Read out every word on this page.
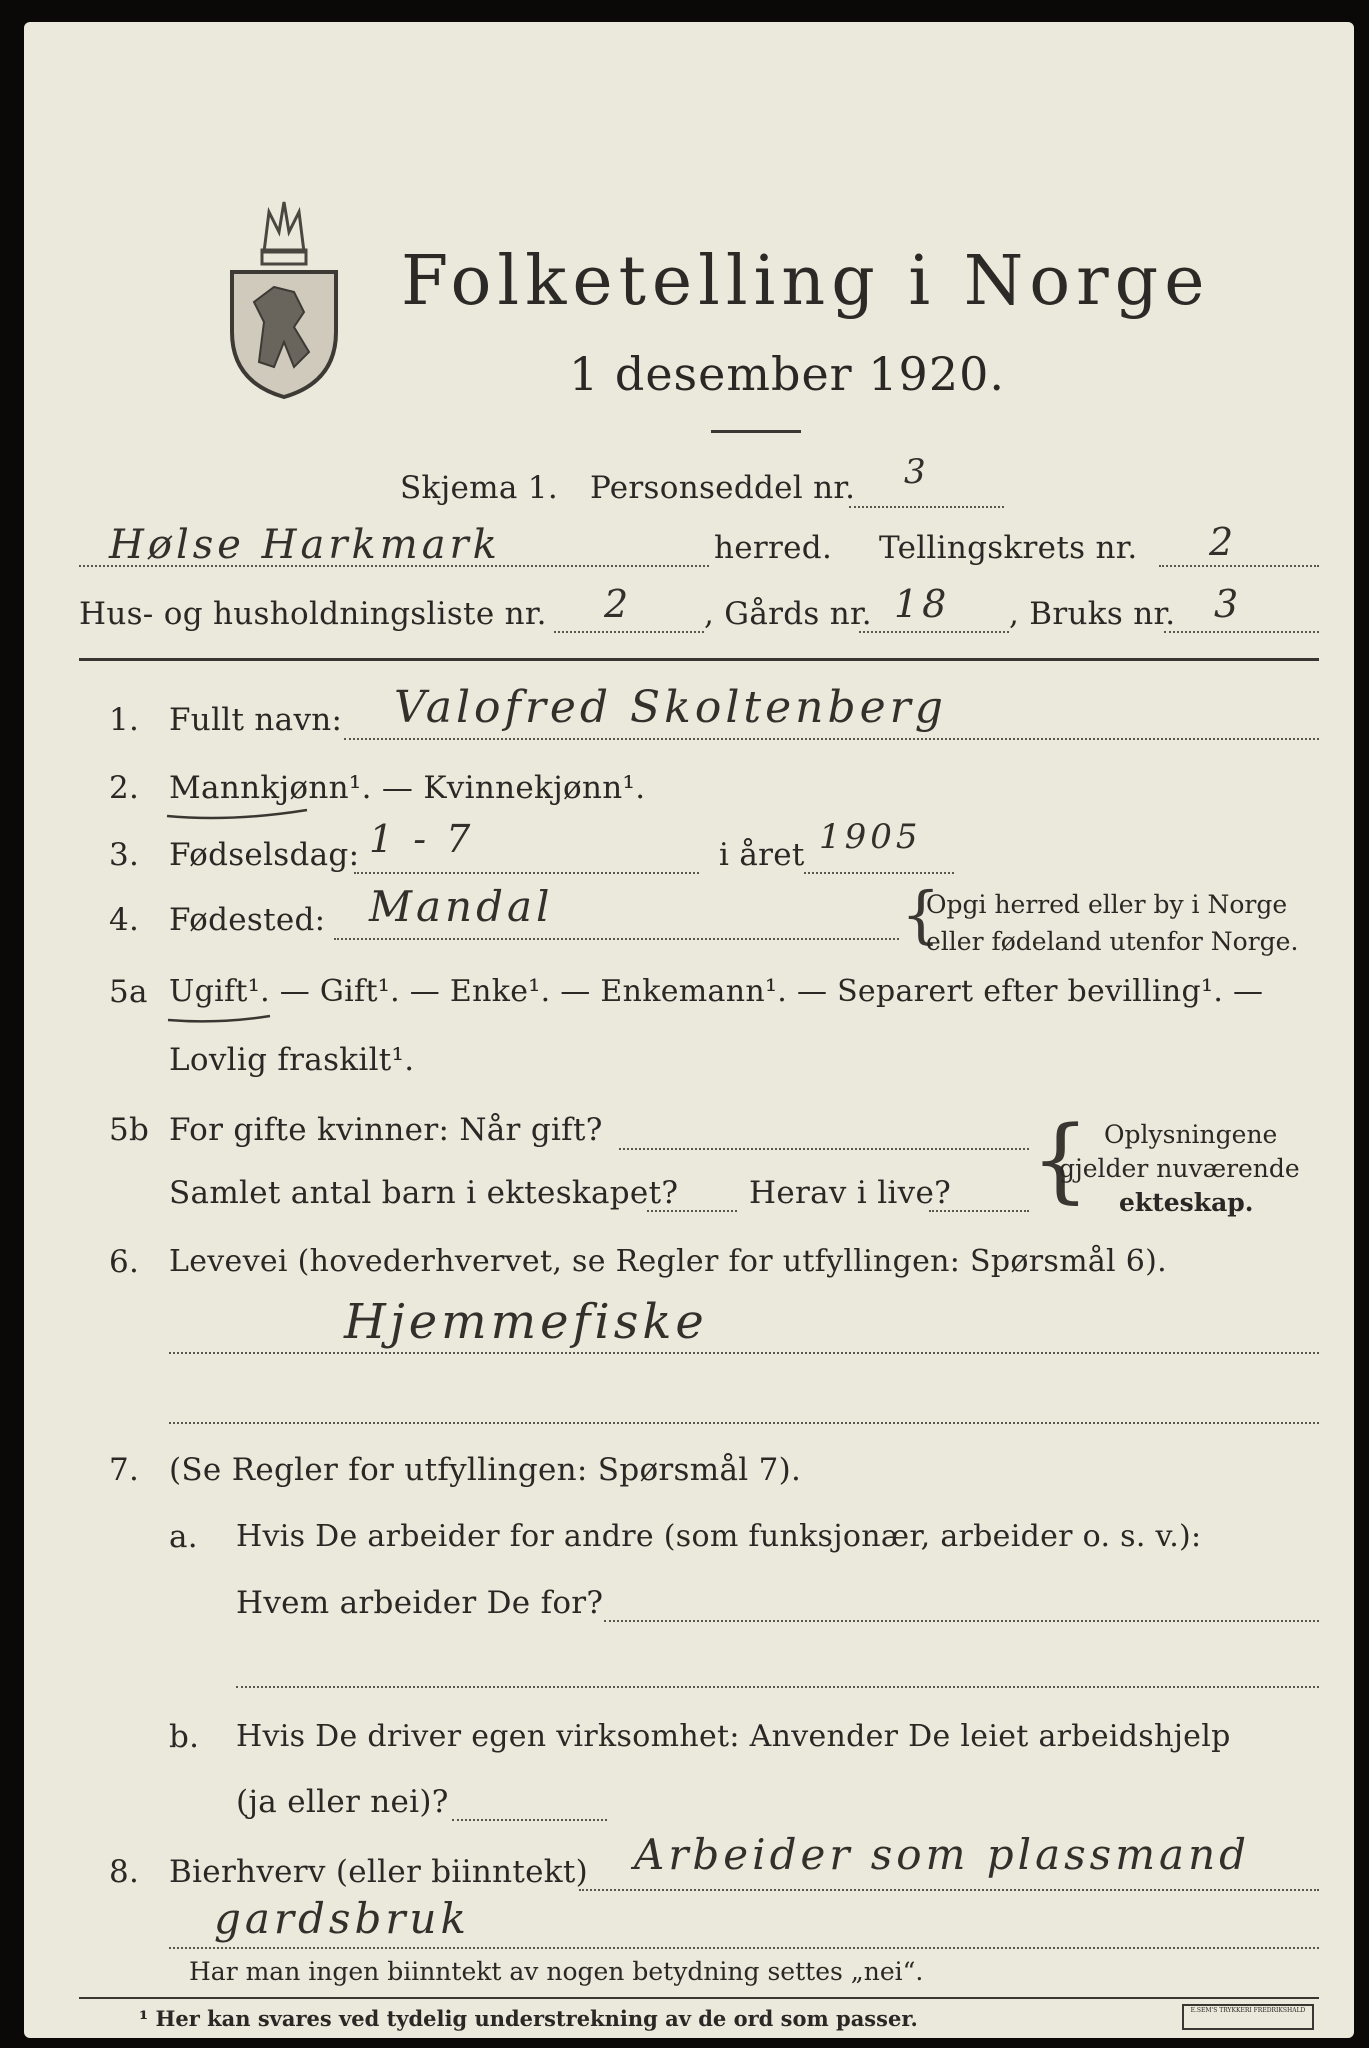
Folketelling i Norge
1 desember 1920.
Skjema 1. Personseddel nr. 3
Hølse Harkmark	herred. Tellingskrets nr. 2
Hus- og husholdningsliste nr. 2 , Gårds nr. 18 , Bruks nr. 3
1. Fullt navn: Valofred Skoltenberg
2. Mannkjønn¹. — Kvinnekjønn¹.
3. Fødselsdag: 1 - 7	i året 1905
4. Fødested: Mandal	{
Opgi herred eller by i Norge
eller fødeland utenfor Norge.
5a Ugift¹. — Gift¹. — Enke¹. — Enkemann¹. — Separert efter bevilling¹. —
Lovlig fraskilt¹.
5b For gifte kvinner: Når gift?
Samlet antal barn i ekteskapet? Herav i live? { Oplysningene
gjelder nuværende
ekteskap.
6. Levevei (hovederhvervet, se Regler for utfyllingen: Spørsmål 6).
Hjemmefiske
7. (Se Regler for utfyllingen: Spørsmål 7).
a. Hvis De arbeider for andre (som funksjonær, arbeider o. s. v.):
Hvem arbeider De for?
b. Hvis De driver egen virksomhet: Anvender De leiet arbeidshjelp
(ja eller nei)?
8. Bierhverv (eller biinntekt) Arbeider som plassmand
gardsbruk
Har man ingen biinntekt av nogen betydning settes „nei“.
¹ Her kan svares ved tydelig understrekning av de ord som passer.	E.SEM'S TRYKKERI FREDRIKSHALD
